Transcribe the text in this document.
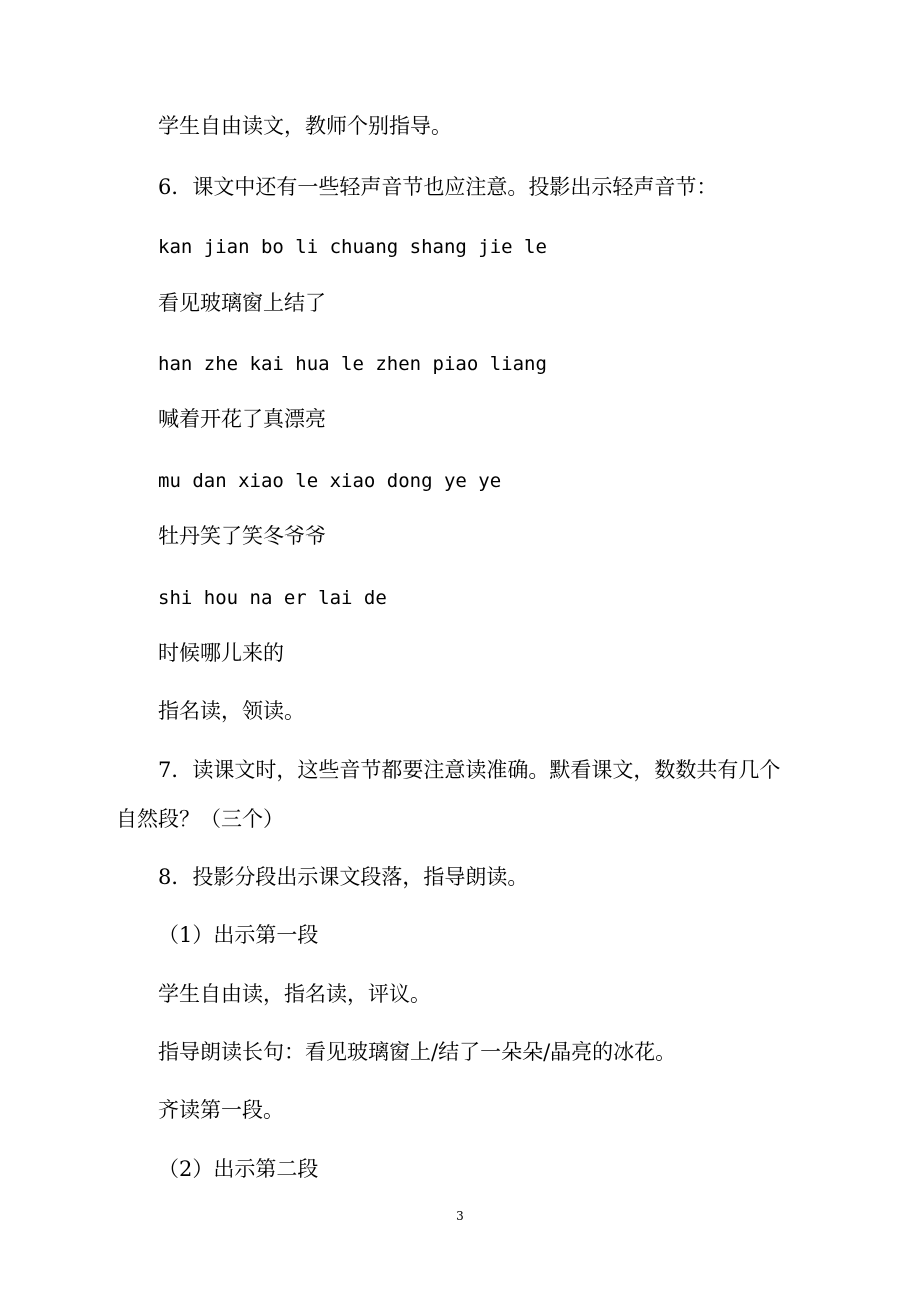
学生自由读文，教师个别指导。

6．课文中还有一些轻声音节也应注意。投影出示轻声音节：

kan jian bo li chuang shang jie le

看见玻璃窗上结了

han zhe kai hua le zhen piao liang

喊着开花了真漂亮

mu dan xiao le xiao dong ye ye

牡丹笑了笑冬爷爷

shi hou na er lai de

时候哪儿来的

指名读，领读。

7．读课文时，这些音节都要注意读准确。默看课文，数数共有几个

自然段？（三个）

8．投影分段出示课文段落，指导朗读。

（1）出示第一段

学生自由读，指名读，评议。

指导朗读长句：看见玻璃窗上/结了一朵朵/晶亮的冰花。

齐读第一段。

（2）出示第二段

3
